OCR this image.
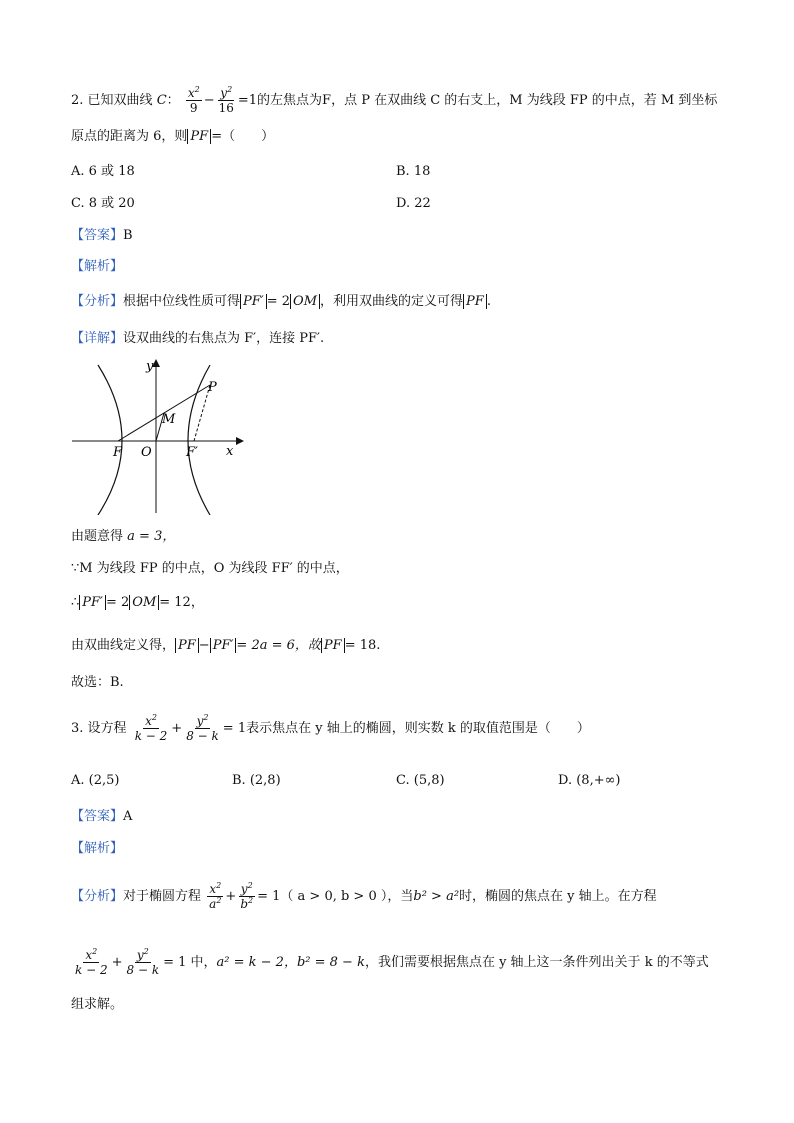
2. 已知双曲线 C： $\frac{x^2}{9} - \frac{y^2}{16} =1$的左焦点为F，点 P 在双曲线 C 的右支上，M 为线段 FP 的中点，若 M 到坐标
原点的距离为 6，则 PF =（　　）
A. 6 或 18	B. 18
C. 8 或 20	D. 22
【答案】B
【解析】
【分析】根据中位线性质可得 PF′ = 2 OM ，利用双曲线的定义可得 PF .
【详解】设双曲线的右焦点为 F′，连接 PF′.
y
x
P
M
F O	F′
由题意得 a = 3，
∵M 为线段 FP 的中点，O 为线段 FF′ 的中点，
∴ PF′ = 2 OM = 12，
由双曲线定义得， PF − PF′ = 2a = 6，故 PF = 18.
故选：B.
3. 设方程 $\frac{x^2}{k - 2} + \frac{y^2}{8 - k} = 1$表示焦点在 y 轴上的椭圆，则实数 k 的取值范围是（　　）
A. (2,5)	B. (2,8)	C. (5,8)	D. (8,+∞)
【答案】A
【解析】
【分析】对于椭圆方程 $\frac{x^2}{a^2} + \frac{y^2}{b^2} = 1$（ a > 0, b > 0 ），当b² > a²时，椭圆的焦点在 y 轴上。在方程
$\frac{x^2}{k - 2} + \frac{y^2}{8 - k} = 1$ 中，a² = k − 2，b² = 8 − k，我们需要根据焦点在 y 轴上这一条件列出关于 k 的不等式
组求解。
